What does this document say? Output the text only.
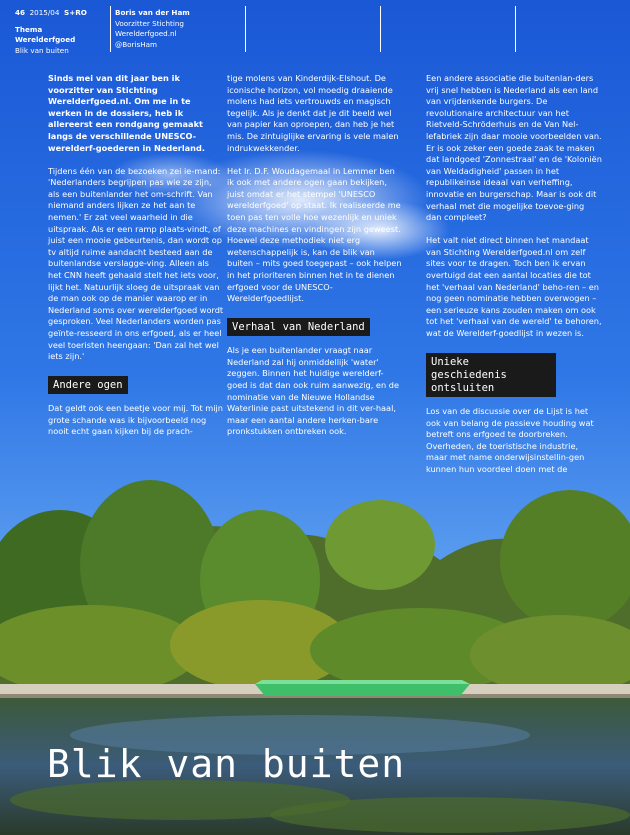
46 2015/04 S+RO
Thema
Werelderfgoed
Blik van buiten
Boris van der Ham
Voorzitter Stichting
Werelderfgoed.nl
@BorisHam

Sinds mei van dit jaar ben ik voorzitter van Stichting Werelderfgoed.nl. Om me in te werken in de dossiers, heb ik allereerst een rondgang gemaakt langs de verschillende UNESCO-werelderf-goederen in Nederland.

Tijdens één van de bezoeken zei ie-mand: 'Nederlanders begrijpen pas wie ze zijn, als een buitenlander het om-schrift. Van niemand anders lijken ze het aan te nemen.' Er zat veel waarheid in die uitspraak. Als er een ramp plaats-vindt, of juist een mooie gebeurtenis, dan wordt op tv altijd ruime aandacht besteed aan de buitenlandse verslagge-ving. Alleen als het CNN heeft gehaald stelt het iets voor, lijkt het. Natuurlijk sloeg de uitspraak van de man ook op de manier waarop er in Nederland soms over werelderfgoed wordt gesproken. Veel Nederlanders worden pas geïnte-resseerd in ons erfgoed, als er heel veel toeristen heengaan: 'Dan zal het wel iets zijn.'

Andere ogen

Dat geldt ook een beetje voor mij. Tot mijn grote schande was ik bijvoorbeeld nog nooit echt gaan kijken bij de prach-

tige molens van Kinderdijk-Elshout. De iconische horizon, vol moedig draaiende molens had iets vertrouwds en magisch tegelijk. Als je denkt dat je dit beeld wel van papier kan oproepen, dan heb je het mis. De zintuiglijke ervaring is vele malen indrukwekkender.

Het Ir. D.F. Woudagemaal in Lemmer ben ik ook met andere ogen gaan bekijken, juist omdat er het stempel 'UNESCO werelderfgoed' op staat. Ik realiseerde me toen pas ten volle hoe wezenlijk en uniek deze machines en vindingen zijn geweest. Hoewel deze methodiek niet erg wetenschappelijk is, kan de blik van buiten – mits goed toegepast – ook helpen in het prioriteren binnen het in te dienen erfgoed voor de UNESCO-Werelderfgoedlijst.

Verhaal van Nederland

Als je een buitenlander vraagt naar Nederland zal hij onmiddellijk 'water' zeggen. Binnen het huidige werelderf-goed is dat dan ook ruim aanwezig, en de nominatie van de Nieuwe Hollandse Waterlinie past uitstekend in dit ver-haal, maar een aantal andere herken-bare pronkstukken ontbreken ook.

Een andere associatie die buitenlan-ders vrij snel hebben is Nederland als een land van vrijdenkende burgers. De revolutionaire architectuur van het Rietveld-Schröderhuis en de Van Nel-lefabriek zijn daar mooie voorbeelden van. Er is ook zeker een goede zaak te maken dat landgoed 'Zonnestraal' en de 'Koloniën van Weldadigheid' passen in het republikeinse ideaal van verheffing, innovatie en burgerschap. Maar is ook dit verhaal met die mogelijke toevoe-ging dan compleet?

Het valt niet direct binnen het mandaat van Stichting Werelderfgoed.nl om zelf sites voor te dragen. Toch ben ik ervan overtuigd dat een aantal locaties die tot het 'verhaal van Nederland' beho-ren – en nog geen nominatie hebben overwogen – een serieuze kans zouden maken om ook tot het 'verhaal van de wereld' te behoren, wat de Werelderf-goedlijst in wezen is.

Unieke geschiedenis ontsluiten

Los van de discussie over de Lijst is het ook van belang de passieve houding wat betreft ons erfgoed te doorbreken. Overheden, de toeristische industrie, maar met name onderwijsinstellin-gen kunnen hun voordeel doen met de

Blik van buiten
